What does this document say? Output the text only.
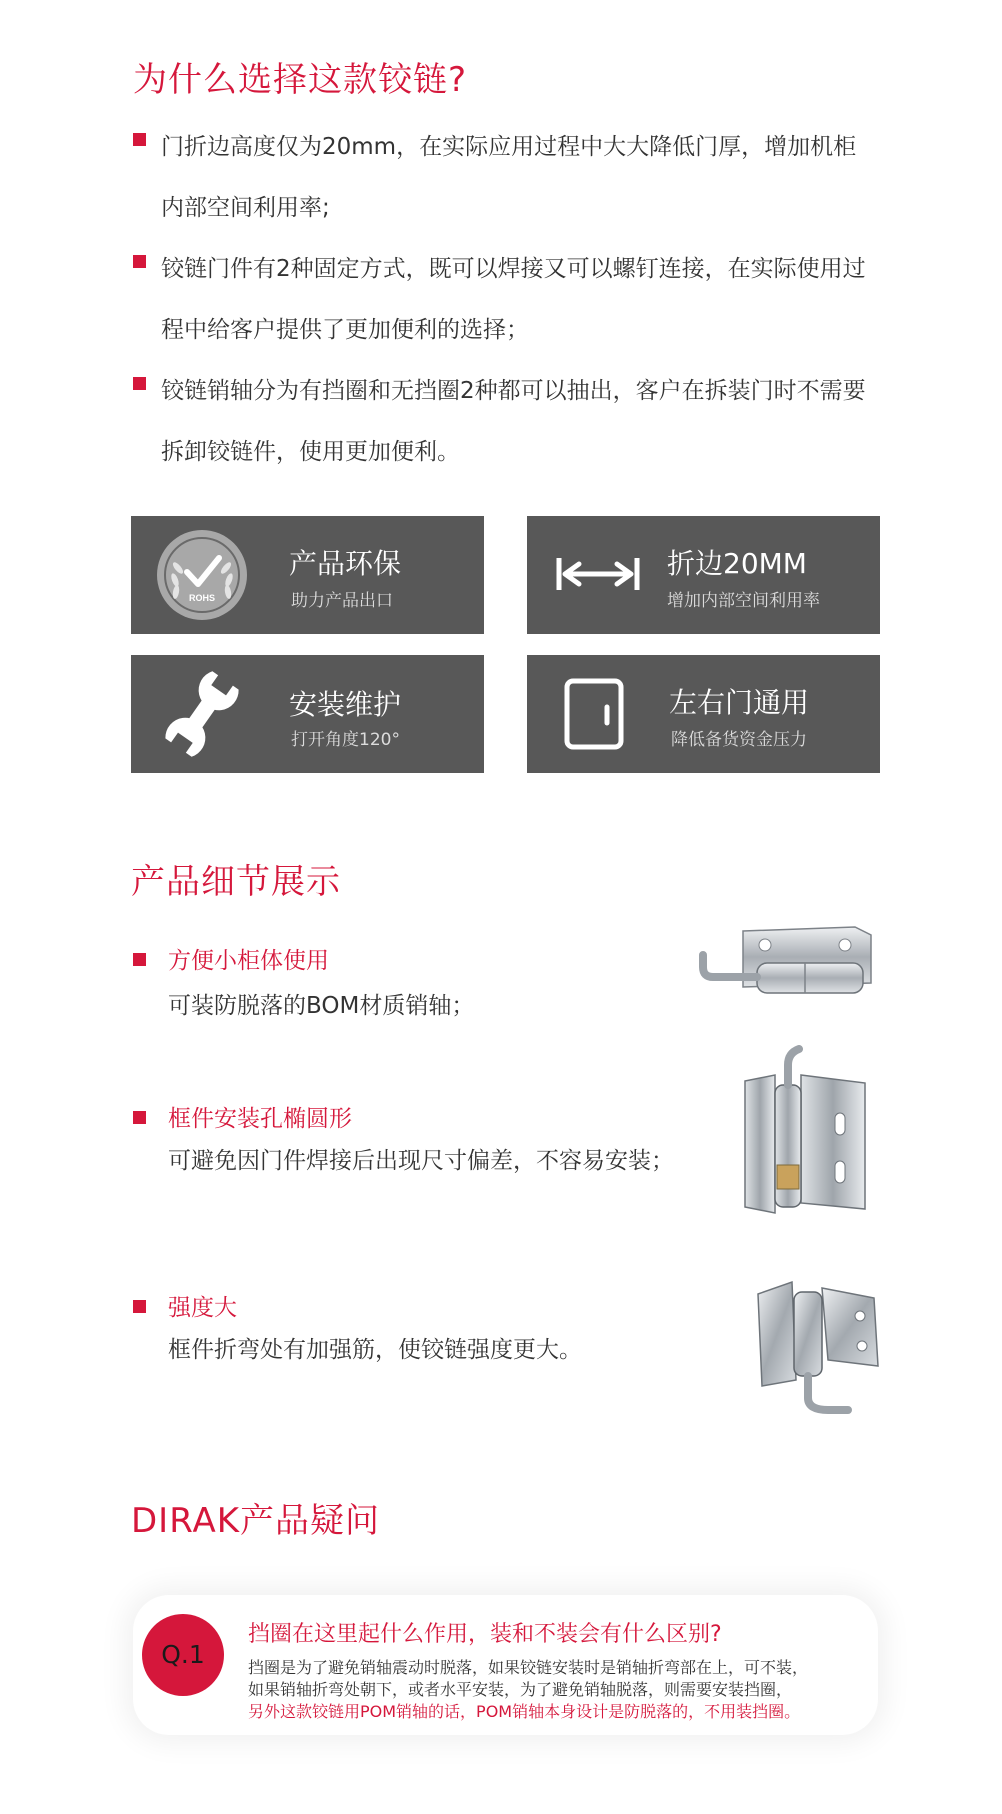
为什么选择这款铰链?
门折边高度仅为20mm，在实际应用过程中大大降低门厚，增加机柜
内部空间利用率;
铰链门件有2种固定方式，既可以焊接又可以螺钉连接，在实际使用过
程中给客户提供了更加便利的选择；
铰链销轴分为有挡圈和无挡圈2种都可以抽出，客户在拆装门时不需要
拆卸铰链件，使用更加便利。
ROHS
产品环保
助力产品出口
折边20MM
增加内部空间利用率
安装维护
打开角度120°
左右门通用
降低备货资金压力
产品细节展示
方便小柜体使用
可装防脱落的BOM材质销轴；
框件安装孔椭圆形
可避免因门件焊接后出现尺寸偏差，不容易安装；
强度大
框件折弯处有加强筋，使铰链强度更大。
DIRAK产品疑问
Q.1
挡圈在这里起什么作用，装和不装会有什么区别?
挡圈是为了避免销轴震动时脱落，如果铰链安装时是销轴折弯部在上，可不装，
如果销轴折弯处朝下，或者水平安装，为了避免销轴脱落，则需要安装挡圈，
另外这款铰链用POM销轴的话，POM销轴本身设计是防脱落的，不用装挡圈。
